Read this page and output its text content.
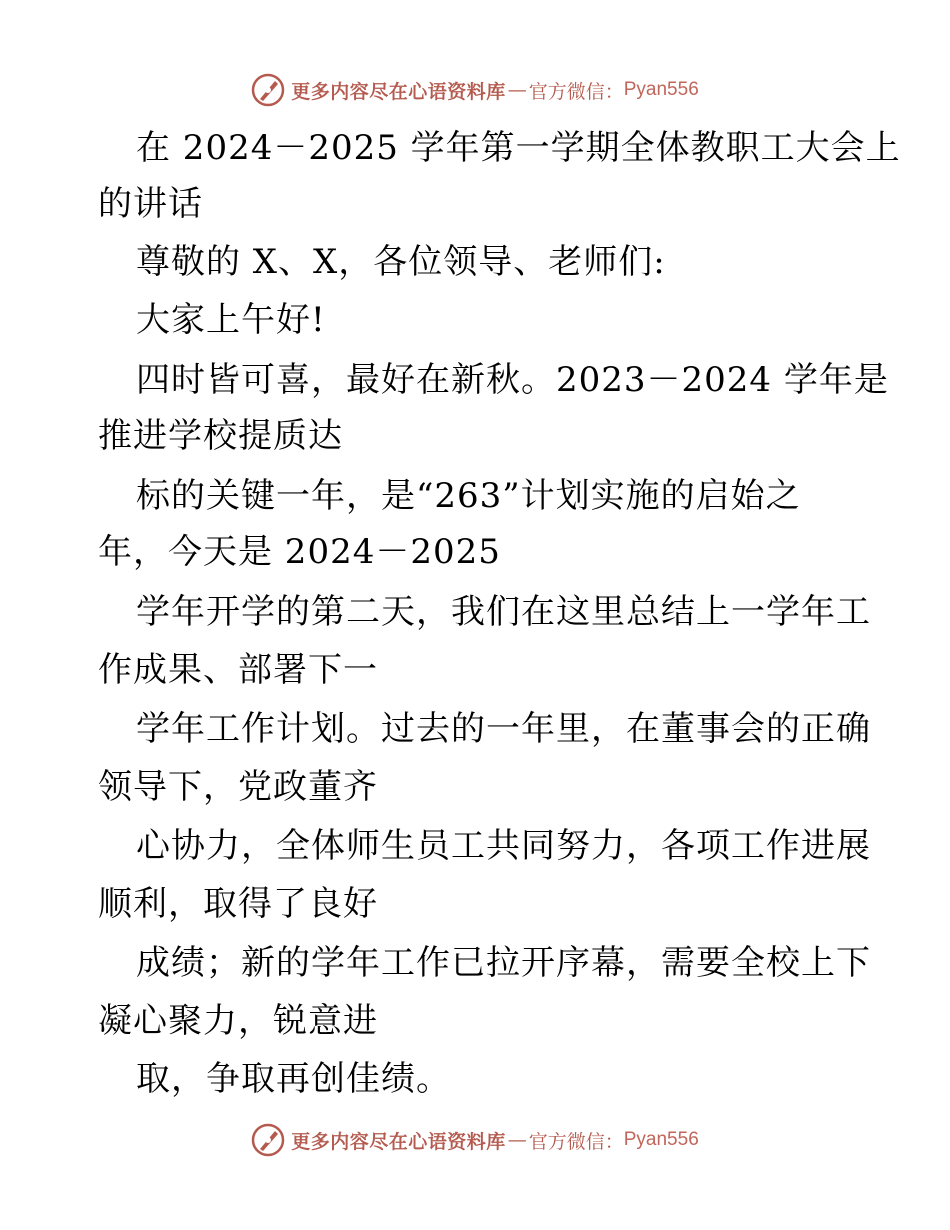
更多内容尽在心语资料库 — 官方微信： Pyan556
在 2024－2025 学年第一学期全体教职工大会上
的讲话
尊敬的 X、X，各位领导、老师们:
大家上午好!
四时皆可喜，最好在新秋。2023－2024 学年是
推进学校提质达
标的关键一年，是“263”计划实施的启始之
年，今天是 2024－2025
学年开学的第二天，我们在这里总结上一学年工
作成果、部署下一
学年工作计划。过去的一年里，在董事会的正确
领导下，党政董齐
心协力，全体师生员工共同努力，各项工作进展
顺利，取得了良好
成绩；新的学年工作已拉开序幕，需要全校上下
凝心聚力，锐意进
取，争取再创佳绩。
更多内容尽在心语资料库 — 官方微信： Pyan556
